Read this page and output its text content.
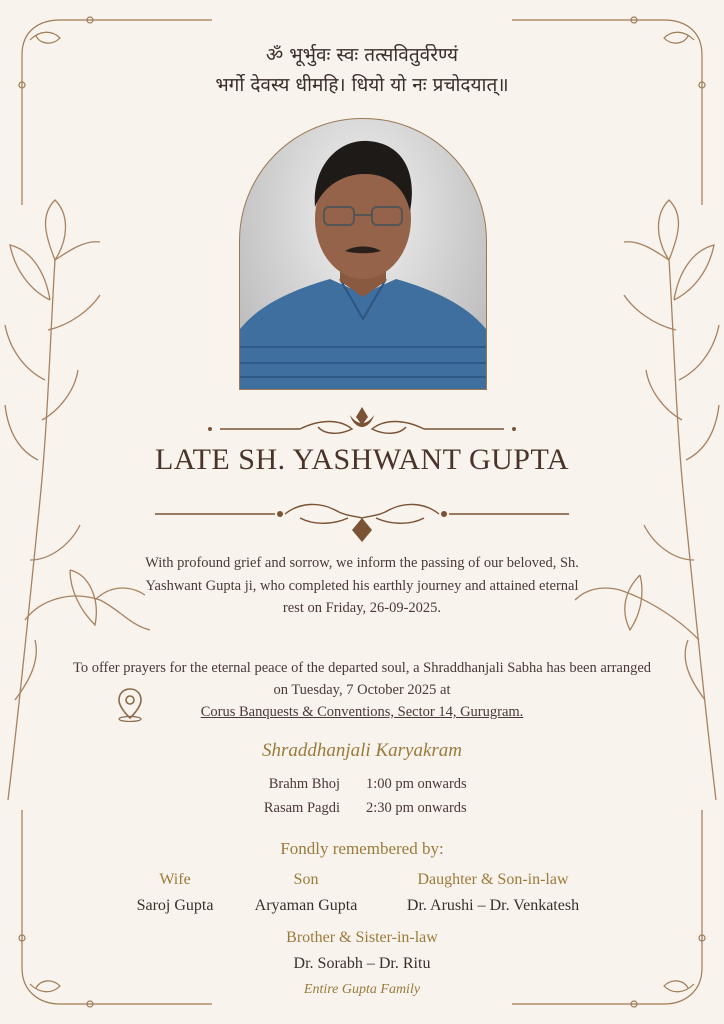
ॐ भूर्भुवः स्वः तत्सवितुर्वरेण्यं
भर्गो देवस्य धीमहि। धियो यो नः प्रचोदयात्॥
LATE SH. YASHWANT GUPTA
With profound grief and sorrow, we inform the passing of our beloved, Sh. Yashwant Gupta ji, who completed his earthly journey and attained eternal rest on Friday, 26-09-2025.
To offer prayers for the eternal peace of the departed soul, a Shraddhanjali Sabha has been arranged on Tuesday, 7 October 2025 at
Corus Banquests & Conventions, Sector 14, Gurugram.
Shraddhanjali Karyakram
Brahm Bhoj
Rasam Pagdi
1:00 pm onwards
2:30 pm onwards
Fondly remembered by:
Wife
Saroj Gupta
Son
Aryaman Gupta
Daughter & Son-in-law
Dr. Arushi – Dr. Venkatesh
Brother & Sister-in-law
Dr. Sorabh – Dr. Ritu
Entire Gupta Family
